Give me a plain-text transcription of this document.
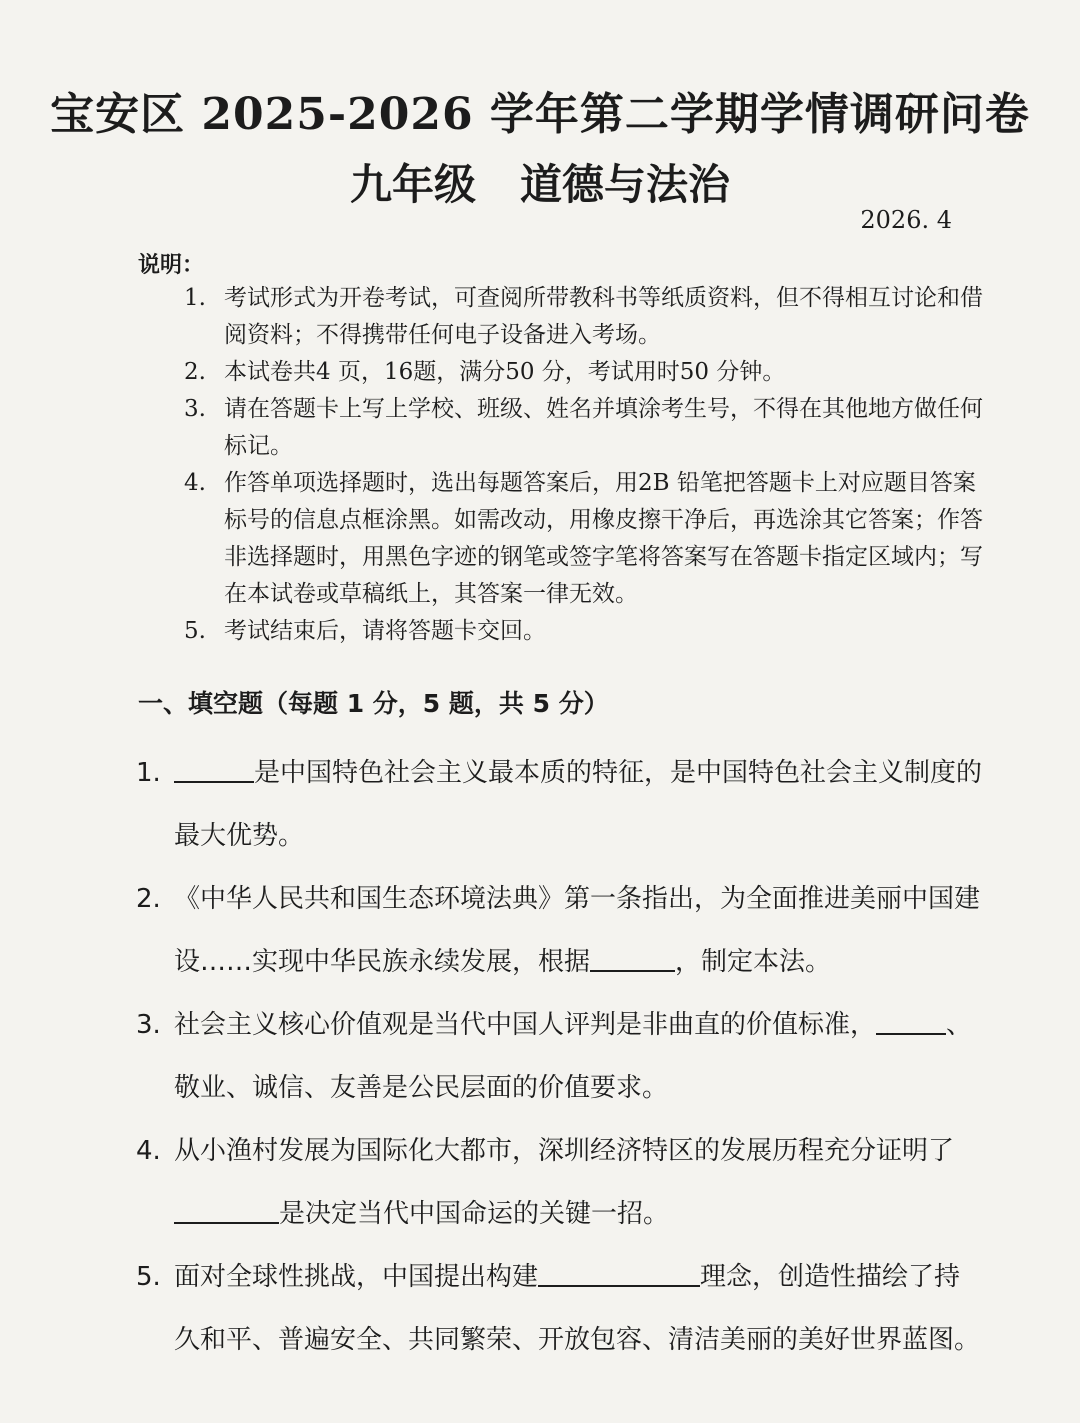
宝安区 2025-2026 学年第二学期学情调研问卷
九年级 道德与法治
2026. 4
说明：
1. 考试形式为开卷考试，可查阅所带教科书等纸质资料，但不得相互讨论和借阅资料；不得携带任何电子设备进入考场。
2. 本试卷共4 页，16题，满分50 分，考试用时50 分钟。
3. 请在答题卡上写上学校、班级、姓名并填涂考生号，不得在其他地方做任何标记。
4. 作答单项选择题时，选出每题答案后，用2B 铅笔把答题卡上对应题目答案标号的信息点框涂黑。如需改动，用橡皮擦干净后，再选涂其它答案；作答非选择题时，用黑色字迹的钢笔或签字笔将答案写在答题卡指定区域内；写在本试卷或草稿纸上，其答案一律无效。
5. 考试结束后，请将答题卡交回。
一、填空题（每题 1 分，5 题，共 5 分）
1.	是中国特色社会主义最本质的特征，是中国特色社会主义制度的最大优势。
2. 《中华人民共和国生态环境法典》第一条指出，为全面推进美丽中国建设……实现中华民族永续发展，根据	，制定本法。
3. 社会主义核心价值观是当代中国人评判是非曲直的价值标准，	、敬业、诚信、友善是公民层面的价值要求。
4. 从小渔村发展为国际化大都市，深圳经济特区的发展历程充分证明了是决定当代中国命运的关键一招。
5. 面对全球性挑战，中国提出构建	理念，创造性描绘了持久和平、普遍安全、共同繁荣、开放包容、清洁美丽的美好世界蓝图。
